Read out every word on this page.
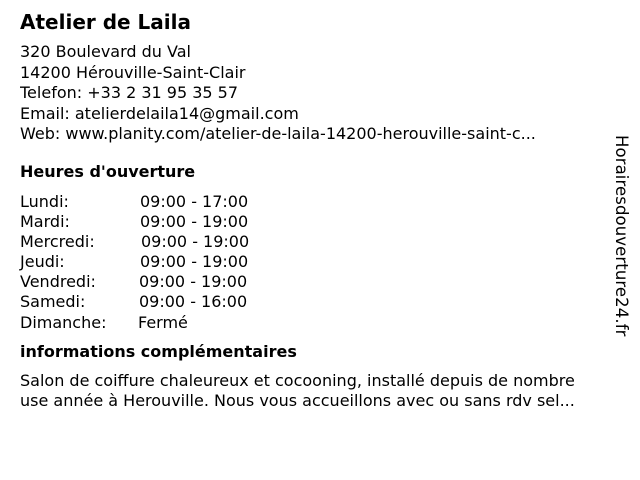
Atelier de Laila
320 Boulevard du Val
14200 Hérouville-Saint-Clair
Telefon: +33 2 31 95 35 57
Email: atelierdelaila14@gmail.com
Web: www.planity.com/atelier-de-laila-14200-herouville-saint-c...
Heures d'ouverture
Lundi:	09:00 - 17:00
Mardi:	09:00 - 19:00
Mercredi:	09:00 - 19:00
Jeudi:	09:00 - 19:00
Vendredi:	09:00 - 19:00
Samedi:	09:00 - 16:00
Dimanche: Fermé
informations complémentaires
Salon de coiffure chaleureux et cocooning, installé depuis de nombre
use année à Herouville. Nous vous accueillons avec ou sans rdv sel...
Horairesdouverture24.fr
